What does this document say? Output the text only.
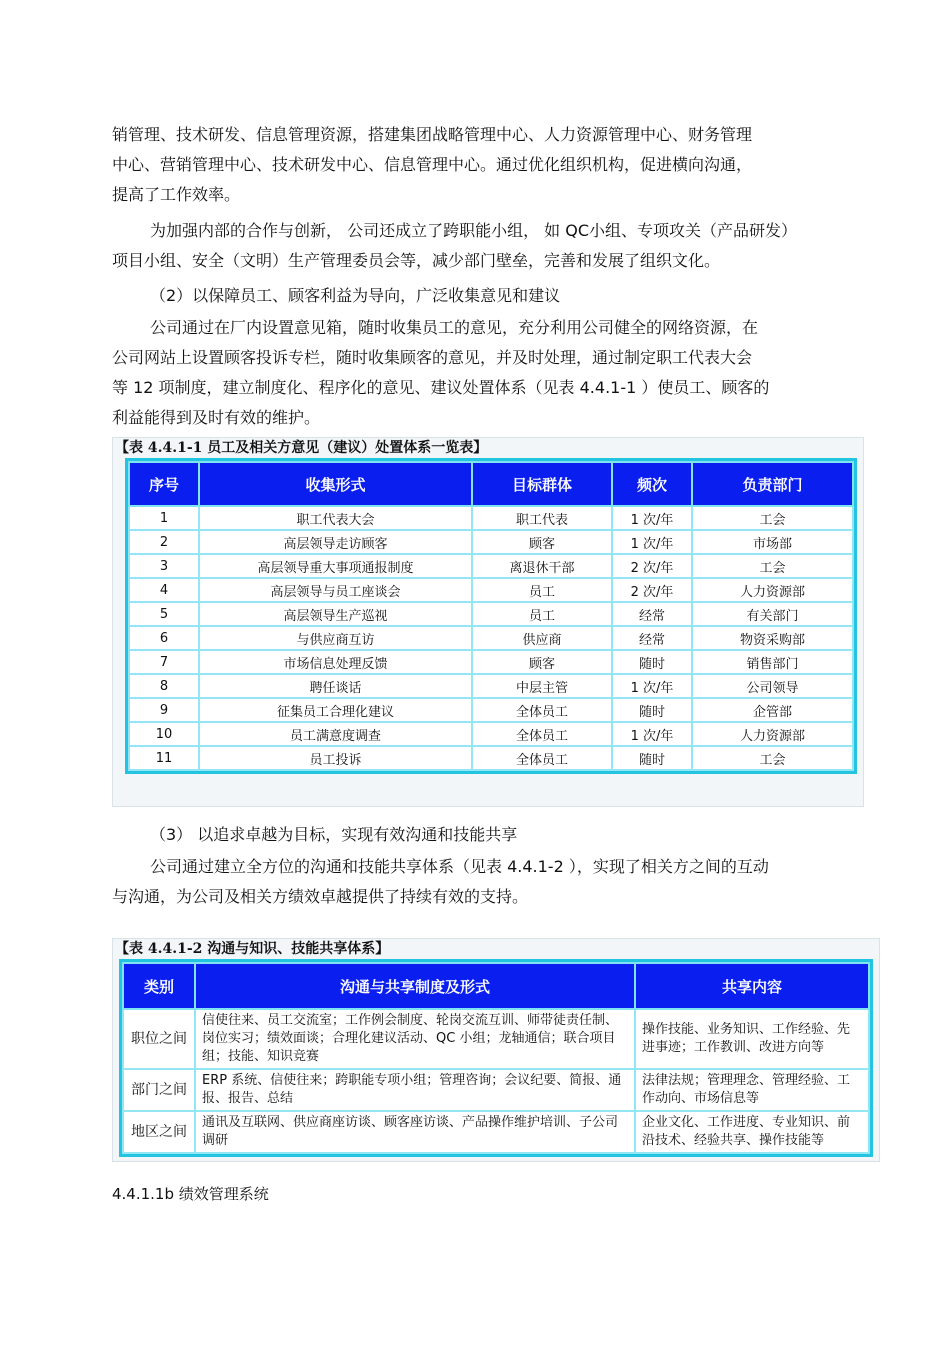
销管理、技术研发、信息管理资源，搭建集团战略管理中心、人力资源管理中心、财务管理

中心、营销管理中心、技术研发中心、信息管理中心。通过优化组织机构，促进横向沟通，

提高了工作效率。

为加强内部的合作与创新， 公司还成立了跨职能小组， 如 QC小组、专项攻关（产品研发）

项目小组、安全（文明）生产管理委员会等，减少部门壁垒，完善和发展了组织文化。

（2）以保障员工、顾客利益为导向，广泛收集意见和建议

公司通过在厂内设置意见箱，随时收集员工的意见，充分利用公司健全的网络资源，在

公司网站上设置顾客投诉专栏，随时收集顾客的意见，并及时处理，通过制定职工代表大会

等 12 项制度，建立制度化、程序化的意见、建议处置体系（见表 4.4.1-1 ）使员工、顾客的

利益能得到及时有效的维护。

【表 4.4.1-1 员工及相关方意见（建议）处置体系一览表】
序号	收集形式	目标群体	频次	负责部门
1	职工代表大会	职工代表	1 次/年	工会
2	高层领导走访顾客	顾客	1 次/年	市场部
3	高层领导重大事项通报制度	离退休干部	2 次/年	工会
4	高层领导与员工座谈会	员工	2 次/年	人力资源部
5	高层领导生产巡视	员工	经常	有关部门
6	与供应商互访	供应商	经常	物资采购部
7	市场信息处理反馈	顾客	随时	销售部门
8	聘任谈话	中层主管	1 次/年	公司领导
9	征集员工合理化建议	全体员工	随时	企管部
10	员工满意度调查	全体员工	1 次/年	人力资源部
11	员工投诉	全体员工	随时	工会

（3） 以追求卓越为目标，实现有效沟通和技能共享

公司通过建立全方位的沟通和技能共享体系（见表 4.4.1-2 ），实现了相关方之间的互动

与沟通，为公司及相关方绩效卓越提供了持续有效的支持。

【表 4.4.1-2 沟通与知识、技能共享体系】
类别	沟通与共享制度及形式	共享内容
职位之间	信使往来、员工交流室；工作例会制度、轮岗交流互训、师带徒责任制、岗位实习；绩效面谈；合理化建议活动、QC 小组；龙轴通信；联合项目组；技能、知识竞赛	操作技能、业务知识、工作经验、先进事迹；工作教训、改进方向等
部门之间	ERP 系统、信使往来；跨职能专项小组；管理咨询；会议纪要、简报、通报、报告、总结	法律法规；管理理念、管理经验、工作动向、市场信息等
地区之间	通讯及互联网、供应商座访谈、顾客座访谈、产品操作维护培训、子公司调研	企业文化、工作进度、专业知识、前沿技术、经验共享、操作技能等

4.4.1.1b 绩效管理系统
